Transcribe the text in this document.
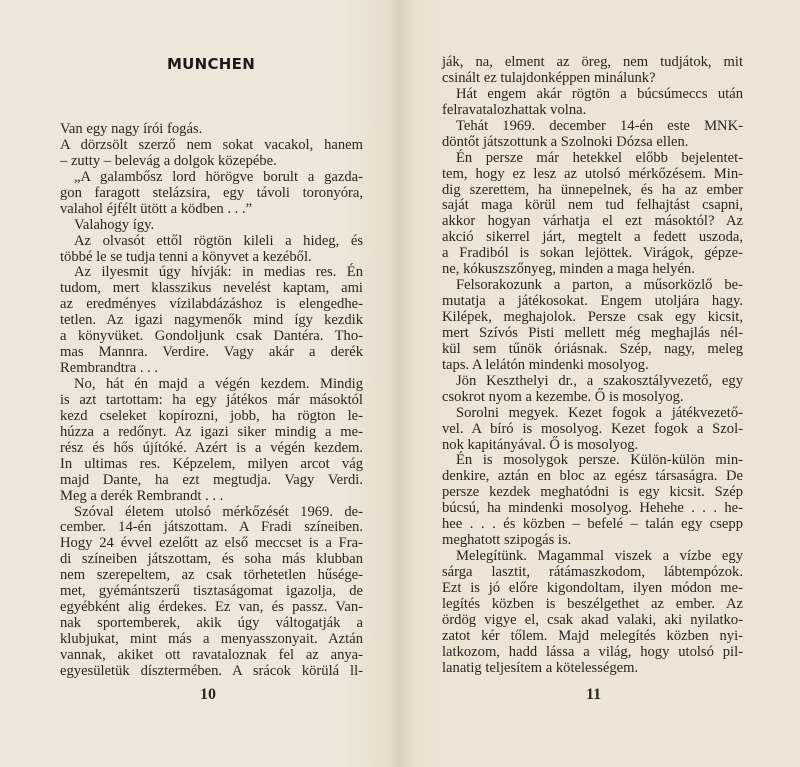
MUNCHEN
Van egy nagy írói fogás.
A dörzsölt szerző nem sokat vacakol, hanem
– zutty – belevág a dolgok közepébe.
„A galambősz lord hörögve borult a gazda-
gon faragott stelázsira, egy távoli toronyóra,
valahol éjfélt ütött a ködben . . .”
Valahogy így.
Az olvasót ettől rögtön kileli a hideg, és
többé le se tudja tenni a könyvet a kezéből.
Az ilyesmit úgy hívják: in medias res. Én
tudom, mert klasszikus nevelést kaptam, ami
az eredményes vízilabdázáshoz is elengedhe-
tetlen. Az igazi nagymenők mind így kezdik
a könyvüket. Gondoljunk csak Dantéra. Tho-
mas Mannra. Verdire. Vagy akár a derék
Rembrandtra . . .
No, hát én majd a végén kezdem. Mindig
is azt tartottam: ha egy játékos már másoktól
kezd cseleket kopírozni, jobb, ha rögton le-
húzza a redőnyt. Az igazi siker mindig a me-
rész és hős újítóké. Azért is a végén kezdem.
In ultimas res. Képzelem, milyen arcot vág
majd Dante, ha ezt megtudja. Vagy Verdi.
Meg a derék Rembrandt . . .
Szóval életem utolsó mérkőzését 1969. de-
cember. 14-én játszottam. A Fradi színeiben.
Hogy 24 évvel ezelőtt az első meccset is a Fra-
di színeiben játszottam, és soha más klubban
nem szerepeltem, az csak törhetetlen hűsége-
met, gyémántszerű tisztaságomat igazolja, de
egyébként alig érdekes. Ez van, és passz. Van-
nak sportemberek, akik úgy váltogatják a
klubjukat, mint más a menyasszonyait. Aztán
vannak, akiket ott ravataloznak fel az anya-
egyesületük dísztermében. A srácok körülá ll-
10
ják, na, elment az öreg, nem tudjátok, mit
csinált ez tulajdonképpen minálunk?
Hát engem akár rögtön a búcsúmeccs után
felravatalozhattak volna.
Tehát 1969. december 14-én este MNK-
döntőt játszottunk a Szolnoki Dózsa ellen.
Én persze már hetekkel előbb bejelentet-
tem, hogy ez lesz az utolsó mérkőzésem. Min-
dig szerettem, ha ünnepelnek, és ha az ember
saját maga körül nem tud felhajtást csapni,
akkor hogyan várhatja el ezt másoktól? Az
akció sikerrel járt, megtelt a fedett uszoda,
a Fradiból is sokan lejöttek. Virágok, gépze-
ne, kókuszszőnyeg, minden a maga helyén.
Felsorakozunk a parton, a műsorközlő be-
mutatja a játékosokat. Engem utoljára hagy.
Kilépek, meghajolok. Persze csak egy kicsit,
mert Szívós Pisti mellett még meghajlás nél-
kül sem tűnök óriásnak. Szép, nagy, meleg
taps. A lelátón mindenki mosolyog.
Jön Keszthelyi dr., a szakosztályvezető, egy
csokrot nyom a kezembe. Ő is mosolyog.
Sorolni megyek. Kezet fogok a játékvezető-
vel. A bíró is mosolyog. Kezet fogok a Szol-
nok kapitányával. Ő is mosolyog.
Én is mosolygok persze. Külön-külön min-
denkire, aztán en bloc az egész társaságra. De
persze kezdek meghatódni is egy kicsit. Szép
búcsú, ha mindenki mosolyog. Hehehe . . . he-
hee . . . és közben – befelé – talán egy csepp
meghatott szipogás is.
Melegítünk. Magammal viszek a vízbe egy
sárga lasztit, rátámaszkodom, lábtempózok.
Ezt is jó előre kigondoltam, ilyen módon me-
legítés közben is beszélgethet az ember. Az
ördög vigye el, csak akad valaki, aki nyilatko-
zatot kér tőlem. Majd melegítés közben nyi-
latkozom, hadd lássa a világ, hogy utolsó pil-
lanatig teljesítem a kötelességem.
11
